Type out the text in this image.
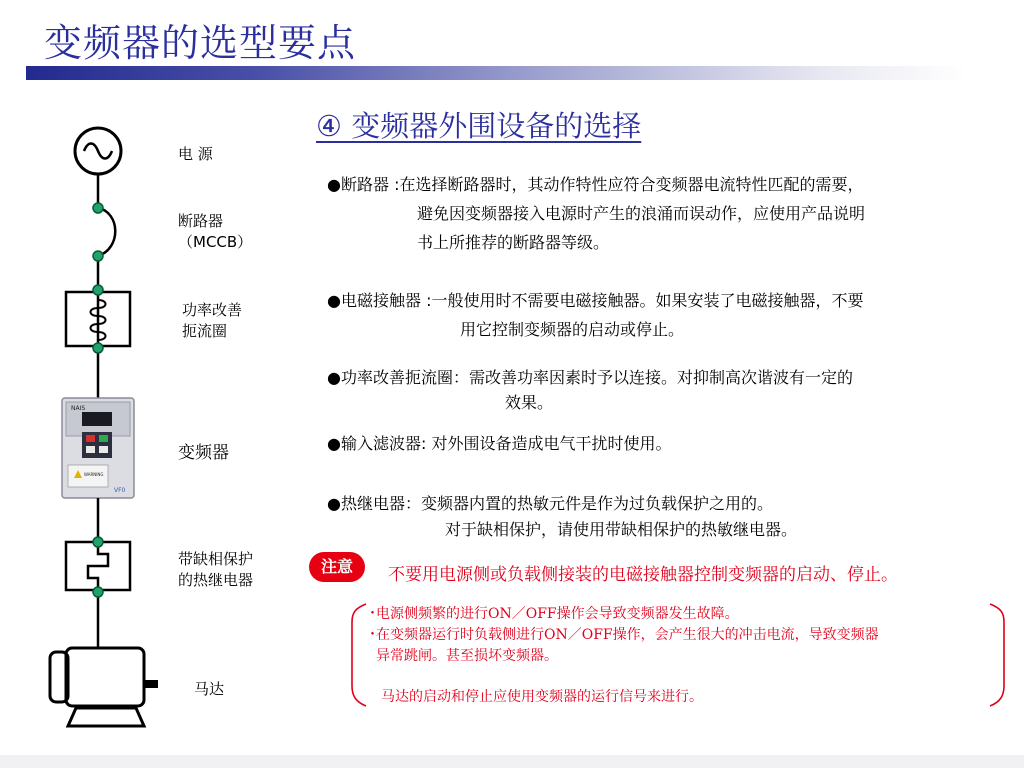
变频器的选型要点
NAIS
WARNING
VF0
电 源
断路器
（MCCB）
功率改善
扼流圈
变频器
带缺相保护
的热继电器
马达
④ 变频器外围设备的选择
●断路器 :在选择断路器时，其动作特性应符合变频器电流特性匹配的需要，
避免因变频器接入电源时产生的浪涌而误动作，应使用产品说明
书上所推荐的断路器等级。
●电磁接触器 :一般使用时不需要电磁接触器。如果安装了电磁接触器，不要
用它控制变频器的启动或停止。
●功率改善扼流圈：需改善功率因素时予以连接。对抑制高次谐波有一定的
效果。
●输入滤波器: 对外围设备造成电气干扰时使用。
●热继电器：变频器内置的热敏元件是作为过负载保护之用的。
对于缺相保护，请使用带缺相保护的热敏继电器。
注意	不要用电源侧或负载侧接装的电磁接触器控制变频器的启动、停止。
･电源侧频繁的进行ON／OFF操作会导致变频器发生故障。
･在变频器运行时负载侧进行ON／OFF操作，会产生很大的冲击电流，导致变频器
异常跳闸。甚至损坏变频器。
马达的启动和停止应使用变频器的运行信号来进行。
